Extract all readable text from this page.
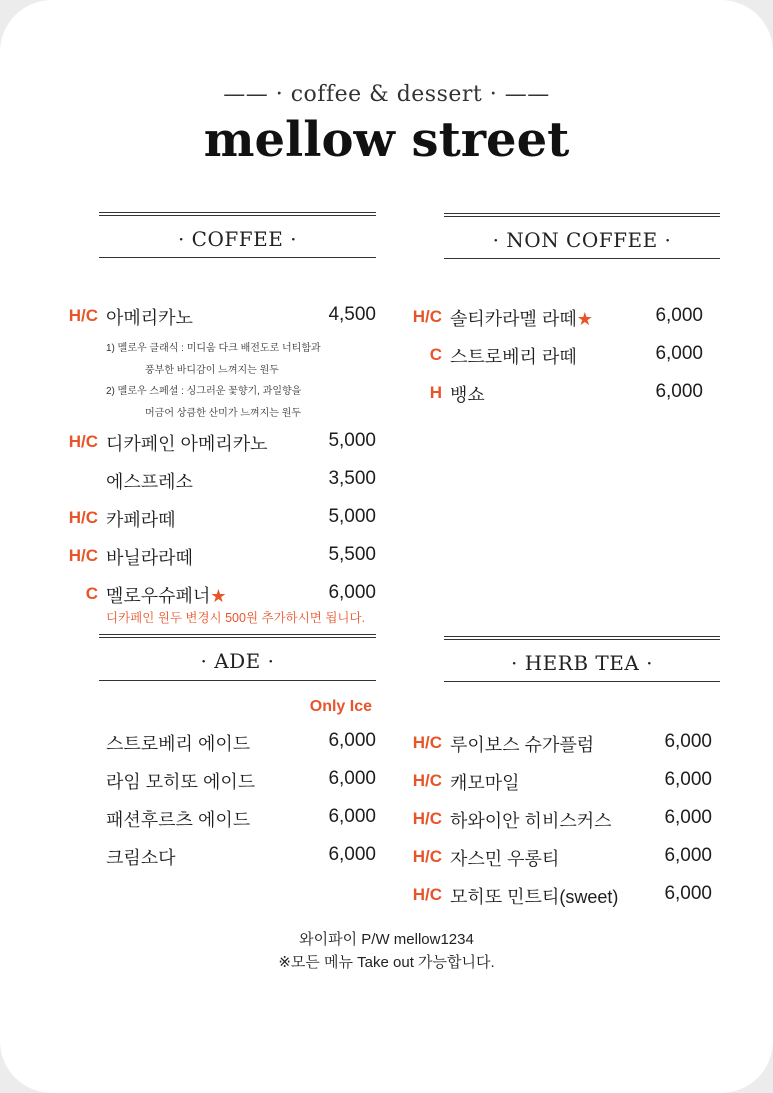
—— · coffee & dessert · ——
mellow street
· COFFEE ·	· NON COFFEE ·
H/C 아메리카노	4,500
1) 멜로우 클래식 : 미디움 다크 배전도로 너티함과
풍부한 바디감이 느껴지는 원두
2) 멜로우 스페셜 : 싱그러운 꽃향기, 과일향을
머금어 상큼한 산미가 느껴지는 원두
H/C 디카페인 아메리카노	5,000
에스프레소	3,500
H/C 카페라떼	5,000
H/C 바닐라라떼	5,500
C 멜로우슈페너★	6,000
디카페인 원두 변경시 500원 추가하시면 됩니다.
H/C 솔티카라멜 라떼★	6,000
C 스트로베리 라떼	6,000
H 뱅쇼	6,000
· ADE ·	· HERB TEA ·
Only Ice
스트로베리 에이드	6,000
라임 모히또 에이드	6,000
패션후르츠 에이드	6,000
크림소다	6,000
H/C 루이보스 슈가플럼	6,000
H/C 캐모마일	6,000
H/C 하와이안 히비스커스	6,000
H/C 자스민 우롱티	6,000
H/C 모히또 민트티(sweet)	6,000
와이파이 P/W mellow1234
※모든 메뉴 Take out 가능합니다.
